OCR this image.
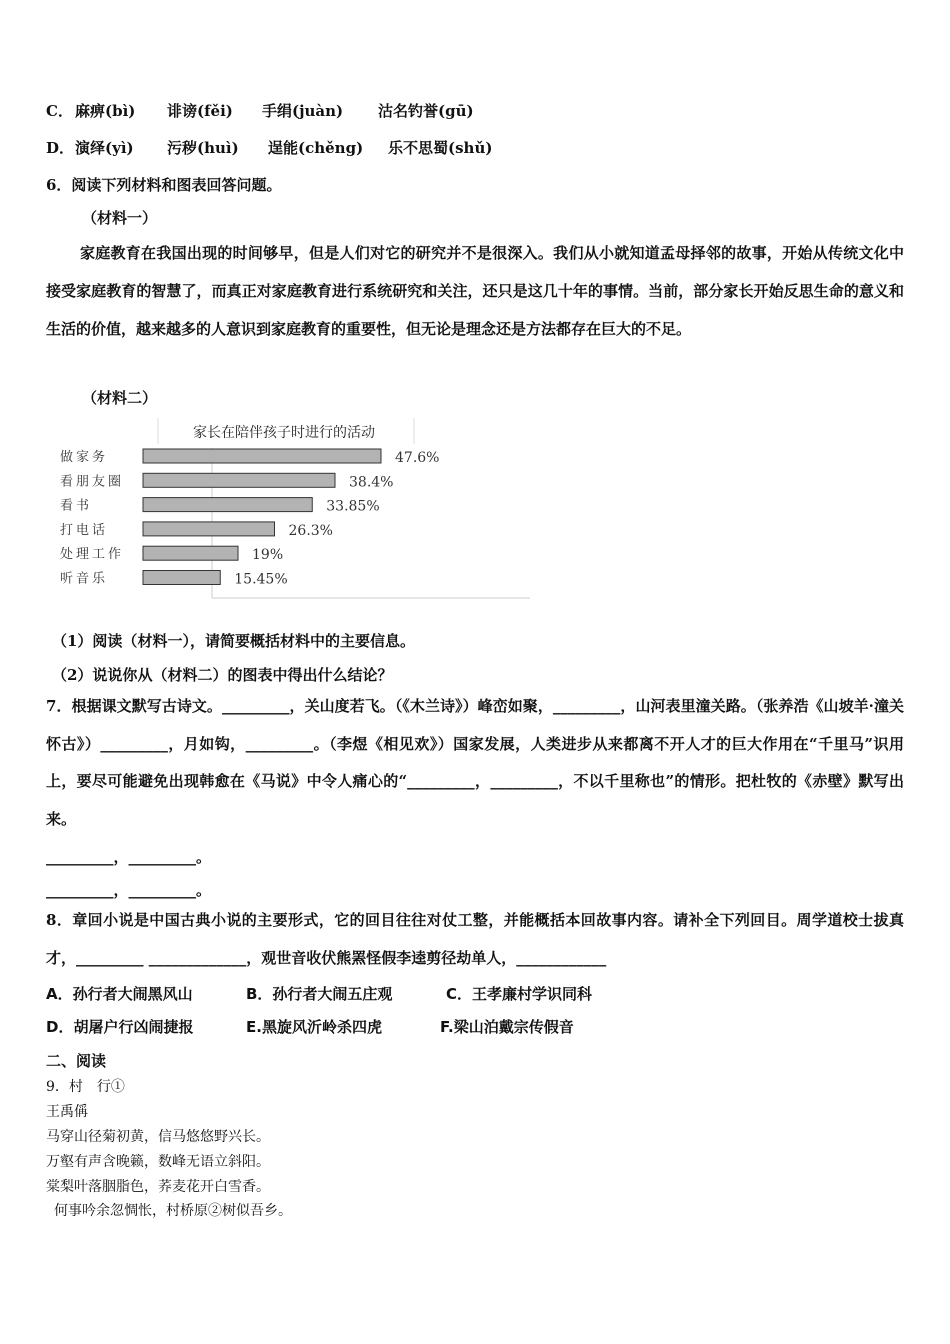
C． 麻痹(bì) 诽谤(fěi) 手绢(juàn) 沽名钓誉(gū)
D． 演绎(yì) 污秽(huì) 逞能(chěng) 乐不思蜀(shǔ)
6．阅读下列材料和图表回答问题。
（材料一）
家庭教育在我国出现的时间够早，但是人们对它的研究并不是很深入。我们从小就知道孟母择邻的故事，开始从传统文化中接受家庭教育的智慧了，而真正对家庭教育进行系统研究和关注，还只是这几十年的事情。当前，部分家长开始反思生命的意义和生活的价值，越来越多的人意识到家庭教育的重要性，但无论是理念还是方法都存在巨大的不足。
（材料二）
家长在陪伴孩子时进行的活动
做家务	47.6%
看朋友圈	38.4%
看书	33.85%
打电话	26.3%
处理工作	19%
听音乐	15.45%
（1）阅读（材料一），请简要概括材料中的主要信息。
（2）说说你从（材料二）的图表中得出什么结论？
7．根据课文默写古诗文。_________，关山度若飞。（《木兰诗》）峰峦如聚，_________，山河表里潼关路。（张养浩《山坡羊·潼关怀古》）_________，月如钩，_________。（李煜《相见欢》）国家发展，人类进步从来都离不开人才的巨大作用在“千里马”识用上，要尽可能避免出现韩愈在《马说》中令人痛心的“_________，_________，不以千里称也”的情形。把杜牧的《赤壁》默写出来。
_________，_________。
_________，_________。
8．章回小说是中国古典小说的主要形式，它的回目往往对仗工整，并能概括本回故事内容。请补全下列回目。周学道校士拔真才，_________ _____________，观世音收伏熊罴怪假李逵剪径劫单人，____________
A．孙行者大闹黑风山	B．孙行者大闹五庄观	C．王孝廉村学识同科
D．胡屠户行凶闹捷报	E.黑旋风沂岭杀四虎	F.梁山泊戴宗传假音
二、阅读
9．村　行①
王禹偁
马穿山径菊初黄，信马悠悠野兴长。
万壑有声含晚籁，数峰无语立斜阳。
棠梨叶落胭脂色，荞麦花开白雪香。
何事吟余忽惆怅，村桥原②树似吾乡。
